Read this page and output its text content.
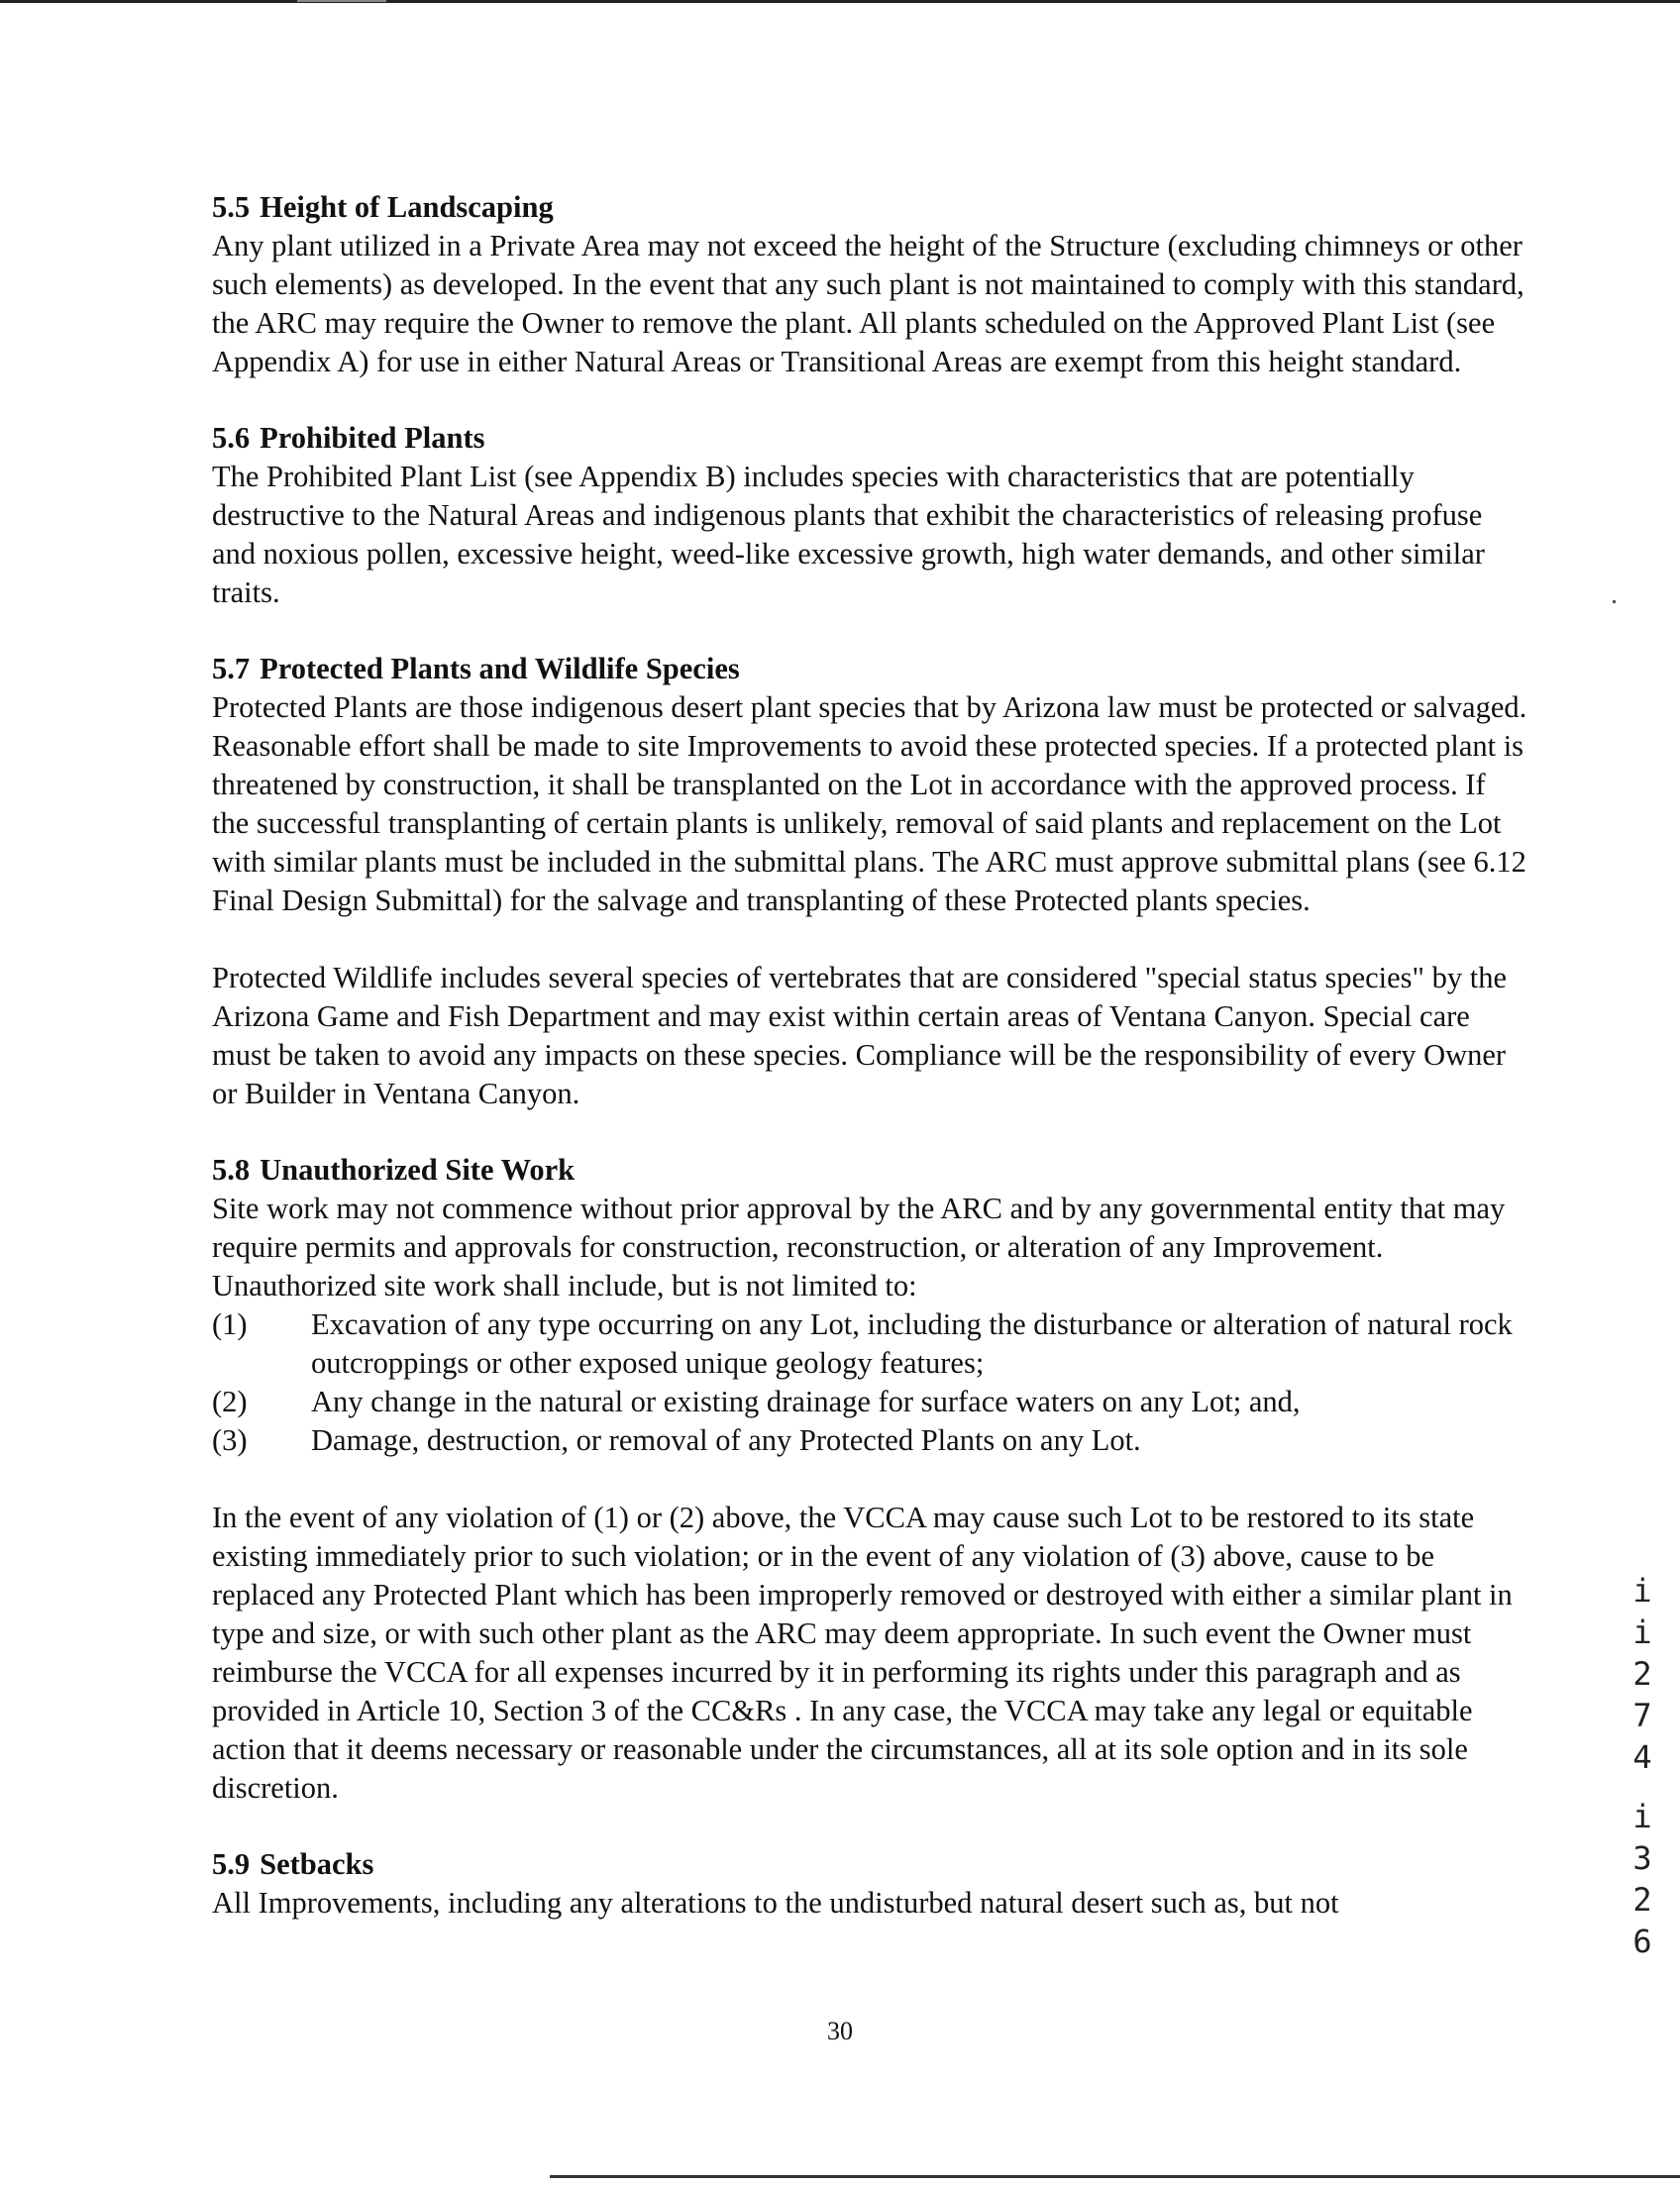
5.5 Height of Landscaping

Any plant utilized in a Private Area may not exceed the height of the Structure (excluding chimneys or other such elements) as developed. In the event that any such plant is not maintained to comply with this standard, the ARC may require the Owner to remove the plant. All plants scheduled on the Approved Plant List (see Appendix A) for use in either Natural Areas or Transitional Areas are exempt from this height standard.

5.6 Prohibited Plants

The Prohibited Plant List (see Appendix B) includes species with characteristics that are potentially destructive to the Natural Areas and indigenous plants that exhibit the characteristics of releasing profuse and noxious pollen, excessive height, weed-like excessive growth, high water demands, and other similar traits.

5.7 Protected Plants and Wildlife Species

Protected Plants are those indigenous desert plant species that by Arizona law must be protected or salvaged. Reasonable effort shall be made to site Improvements to avoid these protected species. If a protected plant is threatened by construction, it shall be transplanted on the Lot in accordance with the approved process. If the successful transplanting of certain plants is unlikely, removal of said plants and replacement on the Lot with similar plants must be included in the submittal plans. The ARC must approve submittal plans (see 6.12 Final Design Submittal) for the salvage and transplanting of these Protected plants species.

Protected Wildlife includes several species of vertebrates that are considered "special status species" by the Arizona Game and Fish Department and may exist within certain areas of Ventana Canyon. Special care must be taken to avoid any impacts on these species. Compliance will be the responsibility of every Owner or Builder in Ventana Canyon.

5.8 Unauthorized Site Work

Site work may not commence without prior approval by the ARC and by any governmental entity that may require permits and approvals for construction, reconstruction, or alteration of any Improvement. Unauthorized site work shall include, but is not limited to:

(1)	Excavation of any type occurring on any Lot, including the disturbance or alteration of natural rock outcroppings or other exposed unique geology features;
(2)	Any change in the natural or existing drainage for surface waters on any Lot; and,
(3)	Damage, destruction, or removal of any Protected Plants on any Lot.

In the event of any violation of (1) or (2) above, the VCCA may cause such Lot to be restored to its state existing immediately prior to such violation; or in the event of any violation of (3) above, cause to be replaced any Protected Plant which has been improperly removed or destroyed with either a similar plant in type and size, or with such other plant as the ARC may deem appropriate. In such event the Owner must reimburse the VCCA for all expenses incurred by it in performing its rights under this paragraph and as provided in Article 10, Section 3 of the CC&Rs . In any case, the VCCA may take any legal or equitable action that it deems necessary or reasonable under the circumstances, all at its sole option and in its sole discretion.

5.9 Setbacks

All Improvements, including any alterations to the undisturbed natural desert such as, but not

30
i
i
2
7
4
i
3
2
6
